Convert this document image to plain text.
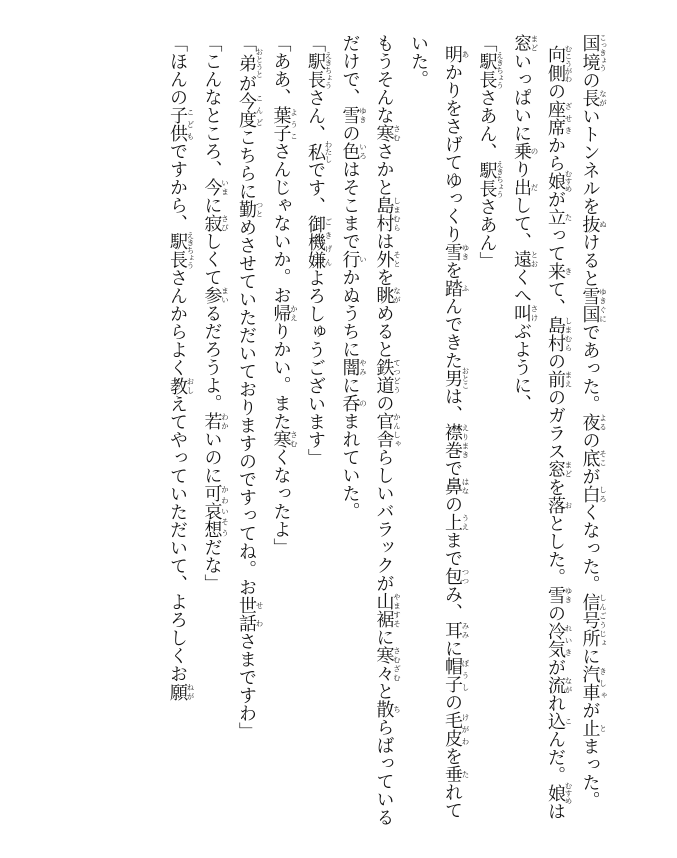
国境こっきょうの長ながいトンネルを抜ぬけると雪国ゆきぐにであった。夜よるの底そこが白しろくなった。信号所しんごうじょに汽車きしゃが止とまった。

向側むこうがわの座席ざせきから娘むすめが立たって来きて、島村しまむらの前まえのガラス窓まどを落おとした。雪ゆきの冷気れいきが流ながれ込こんだ。娘むすめは窓まどいっぱいに乗のり出だして、遠とおくへ叫さけぶように、

「駅長えきちょうさあん、駅長えきちょうさあん」

明あかりをさげてゆっくり雪ゆきを踏ふんできた男おとこは、襟巻えりまきで鼻はなの上うえまで包つつみ、耳みみに帽子ぼうしの毛皮けがわを垂たれていた。

もうそんな寒さむさかと島村しまむらは外そとを眺ながめると鉄道てつどうの官舎かんしゃらしいバラックが山裾やますそに寒々さむざむと散ちらばっているだけで、雪ゆきの色いろはそこまで行いかぬうちに闇やみに呑のまれていた。

「駅長えきちょうさん、私わたしです、御機嫌ごきげんよろしゅうございます」

「ああ、葉子ようこさんじゃないか。お帰かえりかい。また寒さむくなったよ」

「弟おとうとが今度こんどこちらに勤つとめさせていただいておりますのですってね。お世話せわさまですわ」

「こんなところ、今いまに寂さびしくて参まいるだろうよ。若わかいのに可哀想かわいそうだな」

「ほんの子供こどもですから、駅長えきちょうさんからよく教おしえてやっていただいて、よろしくお願ねが
